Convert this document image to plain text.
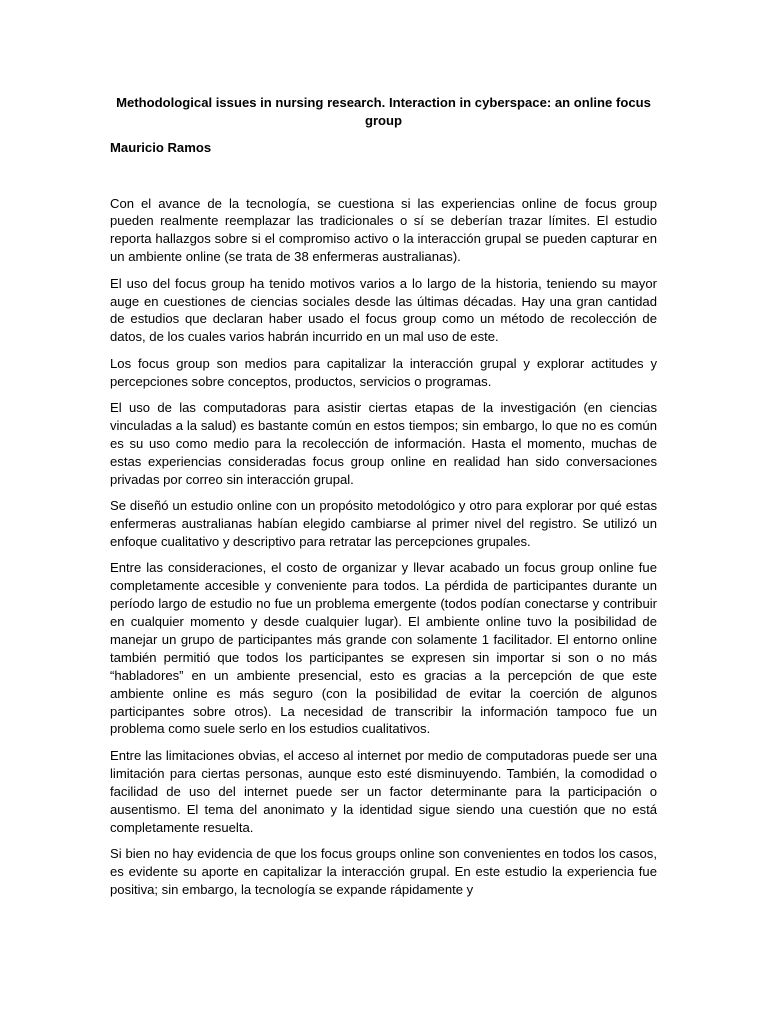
Methodological issues in nursing research. Interaction in cyberspace: an online focus group

Mauricio Ramos

Con el avance de la tecnología, se cuestiona si las experiencias online de focus group pueden realmente reemplazar las tradicionales o sí se deberían trazar límites. El estudio reporta hallazgos sobre si el compromiso activo o la interacción grupal se pueden capturar en un ambiente online (se trata de 38 enfermeras australianas).

El uso del focus group ha tenido motivos varios a lo largo de la historia, teniendo su mayor auge en cuestiones de ciencias sociales desde las últimas décadas. Hay una gran cantidad de estudios que declaran haber usado el focus group como un método de recolección de datos, de los cuales varios habrán incurrido en un mal uso de este.

Los focus group son medios para capitalizar la interacción grupal y explorar actitudes y percepciones sobre conceptos, productos, servicios o programas.

El uso de las computadoras para asistir ciertas etapas de la investigación (en ciencias vinculadas a la salud) es bastante común en estos tiempos; sin embargo, lo que no es común es su uso como medio para la recolección de información. Hasta el momento, muchas de estas experiencias consideradas focus group online en realidad han sido conversaciones privadas por correo sin interacción grupal.

Se diseñó un estudio online con un propósito metodológico y otro para explorar por qué estas enfermeras australianas habían elegido cambiarse al primer nivel del registro. Se utilizó un enfoque cualitativo y descriptivo para retratar las percepciones grupales.

Entre las consideraciones, el costo de organizar y llevar acabado un focus group online fue completamente accesible y conveniente para todos. La pérdida de participantes durante un período largo de estudio no fue un problema emergente (todos podían conectarse y contribuir en cualquier momento y desde cualquier lugar). El ambiente online tuvo la posibilidad de manejar un grupo de participantes más grande con solamente 1 facilitador. El entorno online también permitió que todos los participantes se expresen sin importar si son o no más “habladores” en un ambiente presencial, esto es gracias a la percepción de que este ambiente online es más seguro (con la posibilidad de evitar la coerción de algunos participantes sobre otros). La necesidad de transcribir la información tampoco fue un problema como suele serlo en los estudios cualitativos.

Entre las limitaciones obvias, el acceso al internet por medio de computadoras puede ser una limitación para ciertas personas, aunque esto esté disminuyendo. También, la comodidad o facilidad de uso del internet puede ser un factor determinante para la participación o ausentismo. El tema del anonimato y la identidad sigue siendo una cuestión que no está completamente resuelta.

Si bien no hay evidencia de que los focus groups online son convenientes en todos los casos, es evidente su aporte en capitalizar la interacción grupal. En este estudio la experiencia fue positiva; sin embargo, la tecnología se expande rápidamente y
